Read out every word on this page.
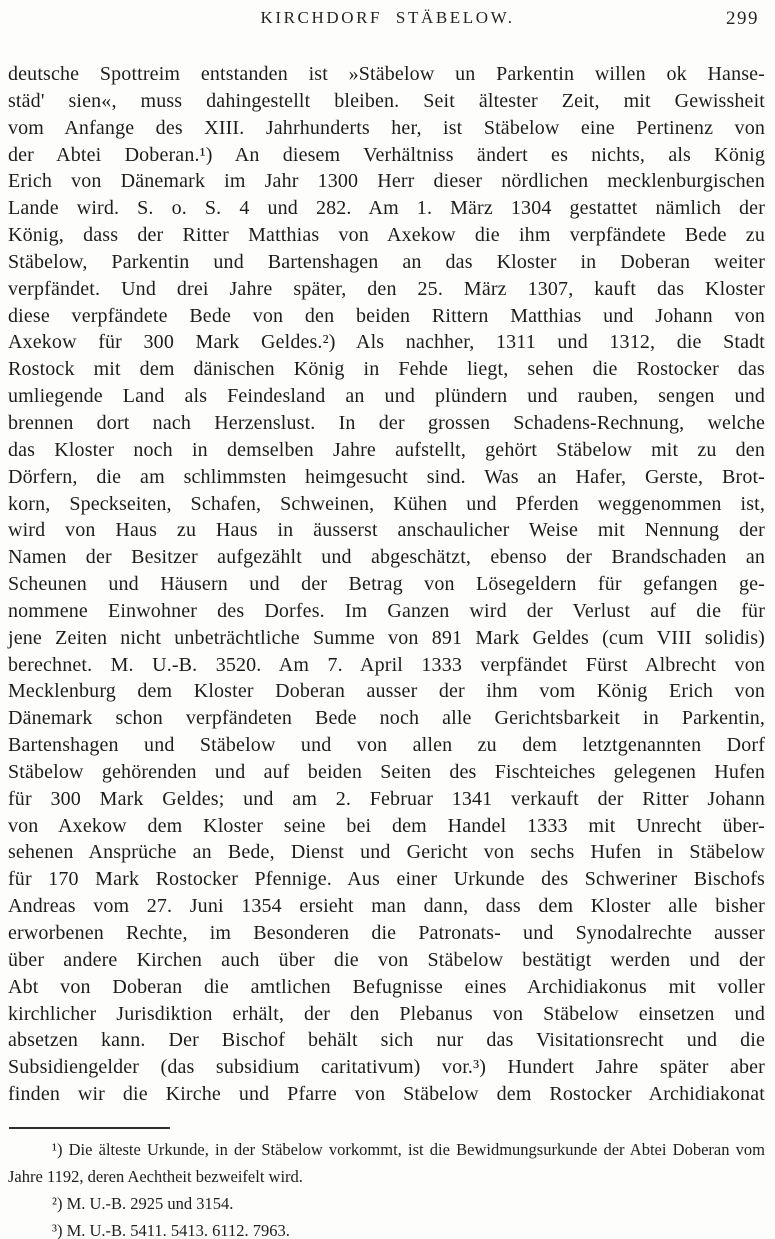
KIRCHDORF STÄBELOW.	299
deutsche Spottreim entstanden ist »Stäbelow un Parkentin willen ok Hanse-
städ' sien«, muss dahingestellt bleiben. Seit ältester Zeit, mit Gewissheit
vom Anfange des XIII. Jahrhunderts her, ist Stäbelow eine Pertinenz von
der Abtei Doberan.¹) An diesem Verhältniss ändert es nichts, als König
Erich von Dänemark im Jahr 1300 Herr dieser nördlichen mecklenburgischen
Lande wird. S. o. S. 4 und 282. Am 1. März 1304 gestattet nämlich der
König, dass der Ritter Matthias von Axekow die ihm verpfändete Bede zu
Stäbelow, Parkentin und Bartenshagen an das Kloster in Doberan weiter
verpfändet. Und drei Jahre später, den 25. März 1307, kauft das Kloster
diese verpfändete Bede von den beiden Rittern Matthias und Johann von
Axekow für 300 Mark Geldes.²) Als nachher, 1311 und 1312, die Stadt
Rostock mit dem dänischen König in Fehde liegt, sehen die Rostocker das
umliegende Land als Feindesland an und plündern und rauben, sengen und
brennen dort nach Herzenslust. In der grossen Schadens-Rechnung, welche
das Kloster noch in demselben Jahre aufstellt, gehört Stäbelow mit zu den
Dörfern, die am schlimmsten heimgesucht sind. Was an Hafer, Gerste, Brot-
korn, Speckseiten, Schafen, Schweinen, Kühen und Pferden weggenommen ist,
wird von Haus zu Haus in äusserst anschaulicher Weise mit Nennung der
Namen der Besitzer aufgezählt und abgeschätzt, ebenso der Brandschaden an
Scheunen und Häusern und der Betrag von Lösegeldern für gefangen ge-
nommene Einwohner des Dorfes. Im Ganzen wird der Verlust auf die für
jene Zeiten nicht unbeträchtliche Summe von 891 Mark Geldes (cum VIII solidis)
berechnet. M. U.-B. 3520. Am 7. April 1333 verpfändet Fürst Albrecht von
Mecklenburg dem Kloster Doberan ausser der ihm vom König Erich von
Dänemark schon verpfändeten Bede noch alle Gerichtsbarkeit in Parkentin,
Bartenshagen und Stäbelow und von allen zu dem letztgenannten Dorf
Stäbelow gehörenden und auf beiden Seiten des Fischteiches gelegenen Hufen
für 300 Mark Geldes; und am 2. Februar 1341 verkauft der Ritter Johann
von Axekow dem Kloster seine bei dem Handel 1333 mit Unrecht über-
sehenen Ansprüche an Bede, Dienst und Gericht von sechs Hufen in Stäbelow
für 170 Mark Rostocker Pfennige. Aus einer Urkunde des Schweriner Bischofs
Andreas vom 27. Juni 1354 ersieht man dann, dass dem Kloster alle bisher
erworbenen Rechte, im Besonderen die Patronats- und Synodalrechte ausser
über andere Kirchen auch über die von Stäbelow bestätigt werden und der
Abt von Doberan die amtlichen Befugnisse eines Archidiakonus mit voller
kirchlicher Jurisdiktion erhält, der den Plebanus von Stäbelow einsetzen und
absetzen kann. Der Bischof behält sich nur das Visitationsrecht und die
Subsidiengelder (das subsidium caritativum) vor.³) Hundert Jahre später aber
finden wir die Kirche und Pfarre von Stäbelow dem Rostocker Archidiakonat

¹) Die älteste Urkunde, in der Stäbelow vorkommt, ist die Bewidmungsurkunde der Abtei Doberan vom Jahre 1192, deren Aechtheit bezweifelt wird.

²) M. U.-B. 2925 und 3154.

³) M. U.-B. 5411. 5413. 6112. 7963.
